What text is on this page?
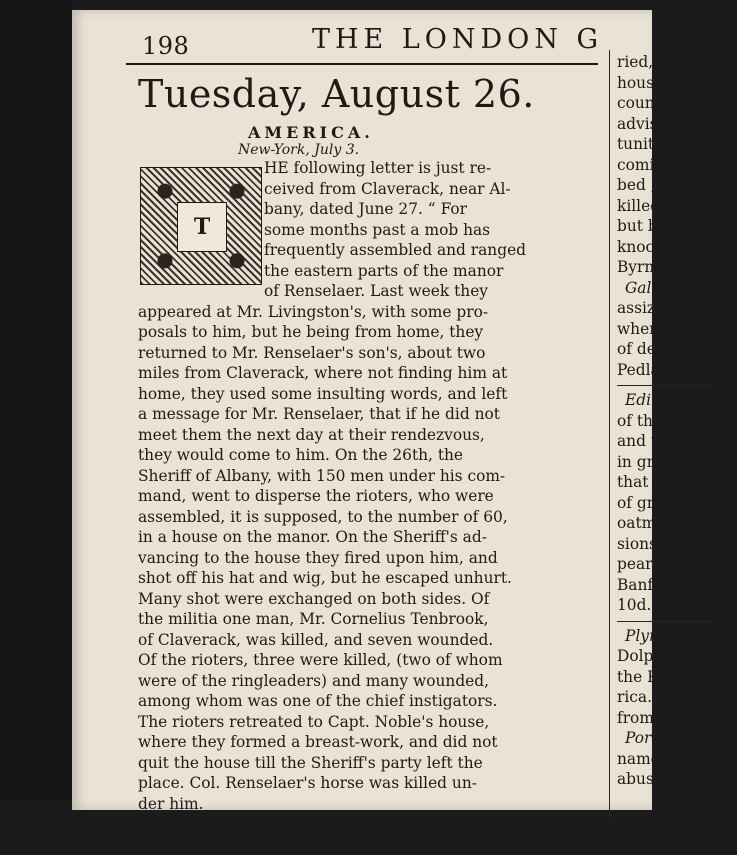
198	THE LONDON G
Tuesday, August 26.
AMERICA.
New-York, July 3.
T
HE following letter is just re-
ceived from Claverack, near Al-
bany, dated June 27. “ For
some months past a mob has
frequently assembled and ranged
the eastern parts of the manor
of Renselaer. Last week they
appeared at Mr. Livingston's, with some pro-
posals to him, but he being from home, they
returned to Mr. Renselaer's son's, about two
miles from Claverack, where not finding him at
home, they used some insulting words, and left
a message for Mr. Renselaer, that if he did not
meet them the next day at their rendezvous,
they would come to him. On the 26th, the
Sheriff of Albany, with 150 men under his com-
mand, went to disperse the rioters, who were
assembled, it is supposed, to the number of 60,
in a house on the manor. On the Sheriff's ad-
vancing to the house they fired upon him, and
shot off his hat and wig, but he escaped unhurt.
Many shot were exchanged on both sides. Of
the militia one man, Mr. Cornelius Tenbrook,
of Claverack, was killed, and seven wounded.
Of the rioters, three were killed, (two of whom
were of the ringleaders) and many wounded,
among whom was one of the chief instigators.
The rioters retreated to Capt. Noble's house,
where they formed a breast-work, and did not
quit the house till the Sheriff's party left the
place. Col. Renselaer's horse was killed un-
der him.
New-York, July 14. We have many melan-
choly accounts from different parts of the Con-
ried, being
house of on
county, who
advising him
tunity to fl
coming to h
bed ; he afte
killed one o
but being pu
knocked hi
Byrne is fin
Galway,
assizes of F
when James
of death, f
Pedlar, in
Edinbur
of the nort
and that th
in great f
that count
of grain,
oatmeal fo
sions in pr
pearance l
Banff, m
10d. per
Plymo
Dolphin
the Prince
rica. T
from a c
Portf
name wa
abused
